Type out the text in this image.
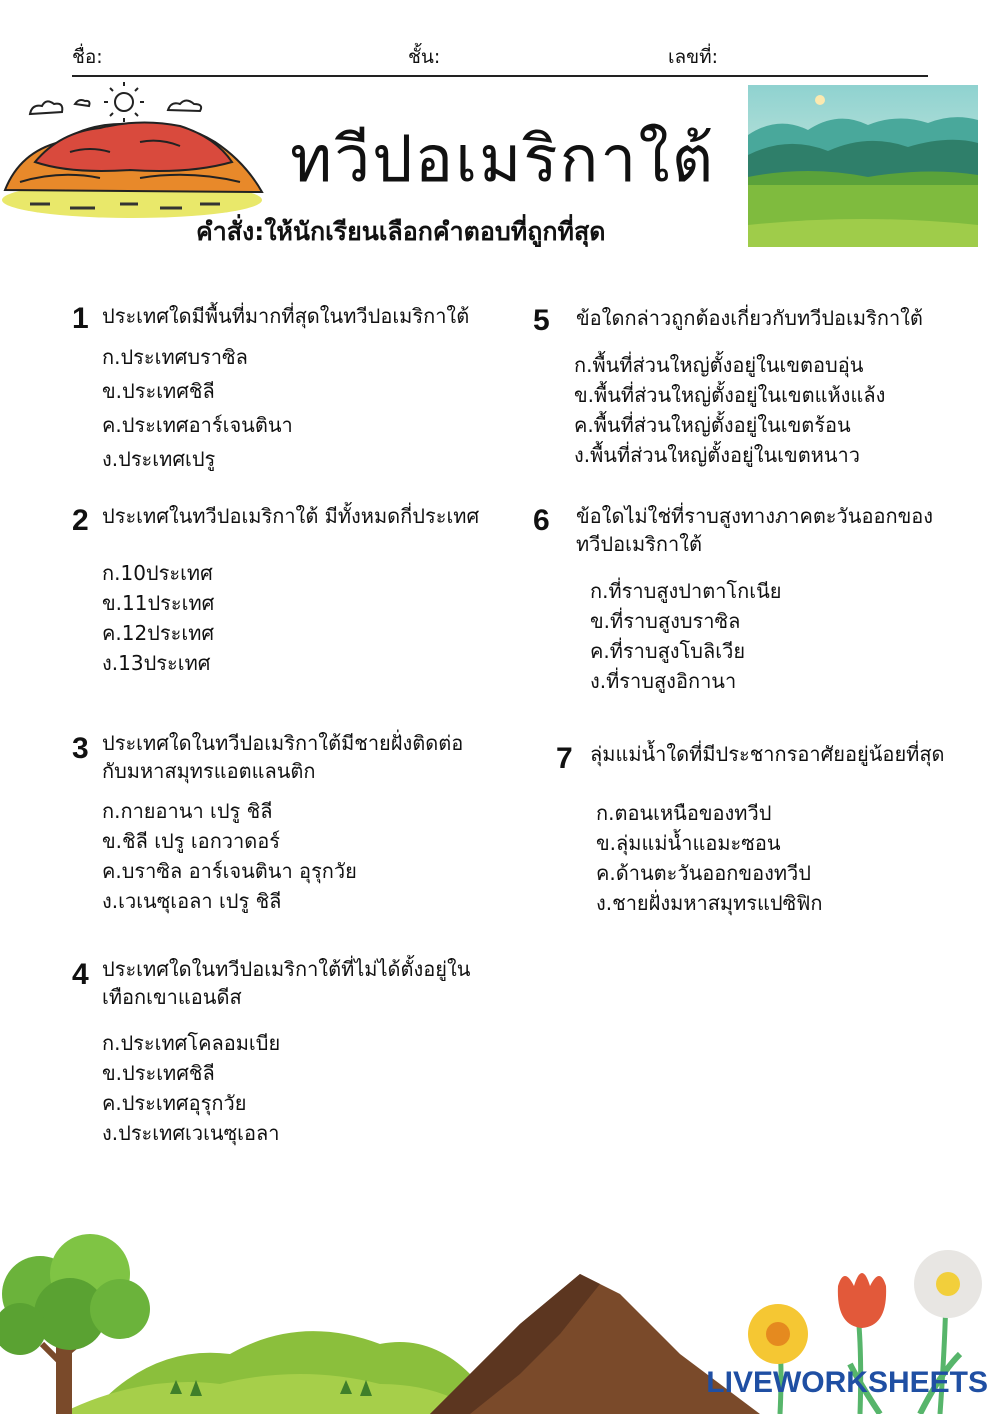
ชื่อ:	ชั้น:	เลขที่:
ทวีปอเมริกาใต้
คำสั่ง:ให้นักเรียนเลือกคำตอบที่ถูกที่สุด
1 ประเทศใดมีพื้นที่มากที่สุดในทวีปอเมริกาใต้
ก.ประเทศบราซิล
ข.ประเทศชิลี
ค.ประเทศอาร์เจนตินา
ง.ประเทศเปรู
2 ประเทศในทวีปอเมริกาใต้ มีทั้งหมดกี่ประเทศ
ก.10ประเทศ
ข.11ประเทศ
ค.12ประเทศ
ง.13ประเทศ
3 ประเทศใดในทวีปอเมริกาใต้มีชายฝั่งติดต่อ
กับมหาสมุทรแอตแลนติก
ก.กายอานา เปรู ชิลี
ข.ชิลี เปรู เอกวาดอร์
ค.บราซิล อาร์เจนตินา อุรุกวัย
ง.เวเนซุเอลา เปรู ชิลี
4 ประเทศใดในทวีปอเมริกาใต้ที่ไม่ได้ตั้งอยู่ใน
เทือกเขาแอนดีส
ก.ประเทศโคลอมเบีย
ข.ประเทศชิลี
ค.ประเทศอุรุกวัย
ง.ประเทศเวเนซุเอลา
5 ข้อใดกล่าวถูกต้องเกี่ยวกับทวีปอเมริกาใต้
ก.พื้นที่ส่วนใหญ่ตั้งอยู่ในเขตอบอุ่น
ข.พื้นที่ส่วนใหญ่ตั้งอยู่ในเขตแห้งแล้ง
ค.พื้นที่ส่วนใหญ่ตั้งอยู่ในเขตร้อน
ง.พื้นที่ส่วนใหญ่ตั้งอยู่ในเขตหนาว
6 ข้อใดไม่ใช่ที่ราบสูงทางภาคตะวันออกของ
ทวีปอเมริกาใต้
ก.ที่ราบสูงปาตาโกเนีย
ข.ที่ราบสูงบราซิล
ค.ที่ราบสูงโบลิเวีย
ง.ที่ราบสูงอิกานา
7 ลุ่มแม่น้ำใดที่มีประชากรอาศัยอยู่น้อยที่สุด
ก.ตอนเหนือของทวีป
ข.ลุ่มแม่น้ำแอมะซอน
ค.ด้านตะวันออกของทวีป
ง.ชายฝั่งมหาสมุทรแปซิฟิก
LIVEWORKSHEETS
